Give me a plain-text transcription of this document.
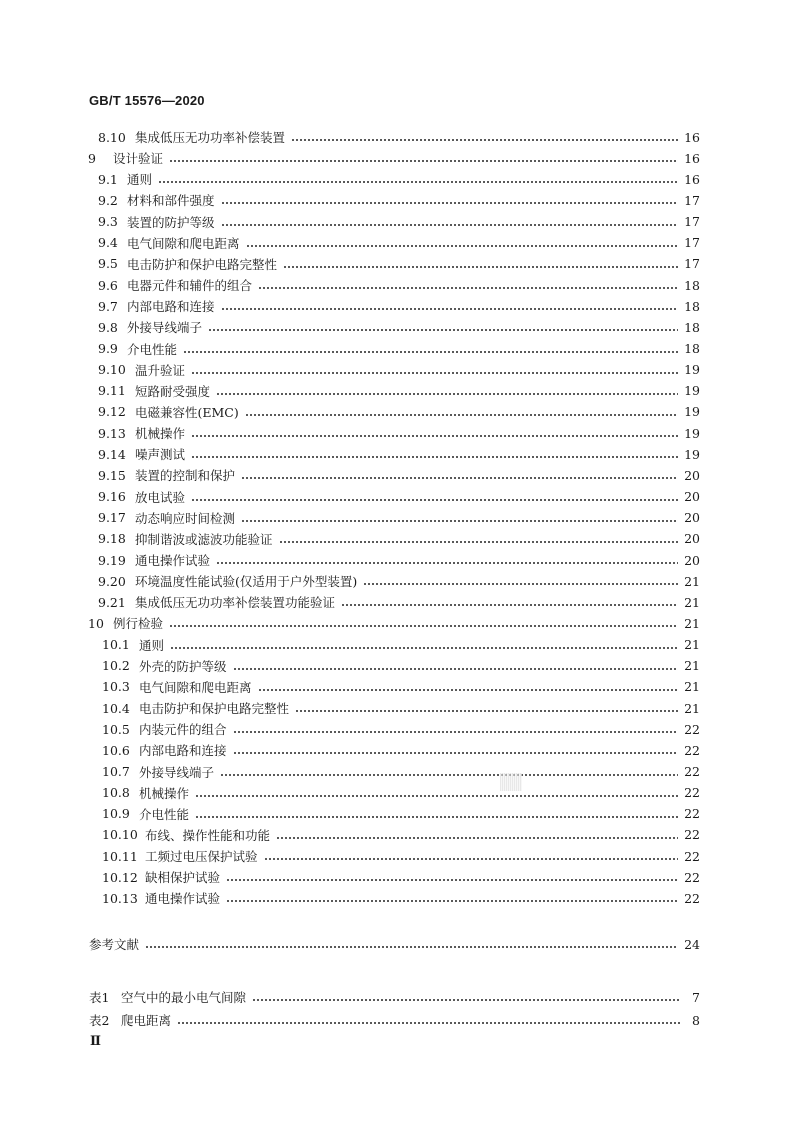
GB/T 15576—2020
8.10 集成低压无功功率补偿装置	16
9	设计验证	16
9.1 通则	16
9.2 材料和部件强度	17
9.3 装置的防护等级	17
9.4 电气间隙和爬电距离	17
9.5 电击防护和保护电路完整性	17
9.6 电器元件和辅件的组合	18
9.7 内部电路和连接	18
9.8 外接导线端子	18
9.9 介电性能	18
9.10 温升验证	19
9.11 短路耐受强度	19
9.12 电磁兼容性(EMC)	19
9.13 机械操作	19
9.14 噪声测试	19
9.15 装置的控制和保护	20
9.16 放电试验	20
9.17 动态响应时间检测	20
9.18 抑制谐波或滤波功能验证	20
9.19 通电操作试验	20
9.20 环境温度性能试验(仅适用于户外型装置)	21
9.21 集成低压无功功率补偿装置功能验证	21
10 例行检验	21
10.1 通则	21
10.2 外壳的防护等级	21
10.3 电气间隙和爬电距离	21
10.4 电击防护和保护电路完整性	21
10.5 内装元件的组合	22
10.6 内部电路和连接	22
10.7 外接导线端子	22
10.8 机械操作	22
10.9 介电性能	22
10.10 布线、操作性能和功能	22
10.11 工频过电压保护试验	22
10.12 缺相保护试验	22
10.13 通电操作试验	22
参考文献	24
表1 空气中的最小电气间隙	7
表2 爬电距离	8
Ⅱ
